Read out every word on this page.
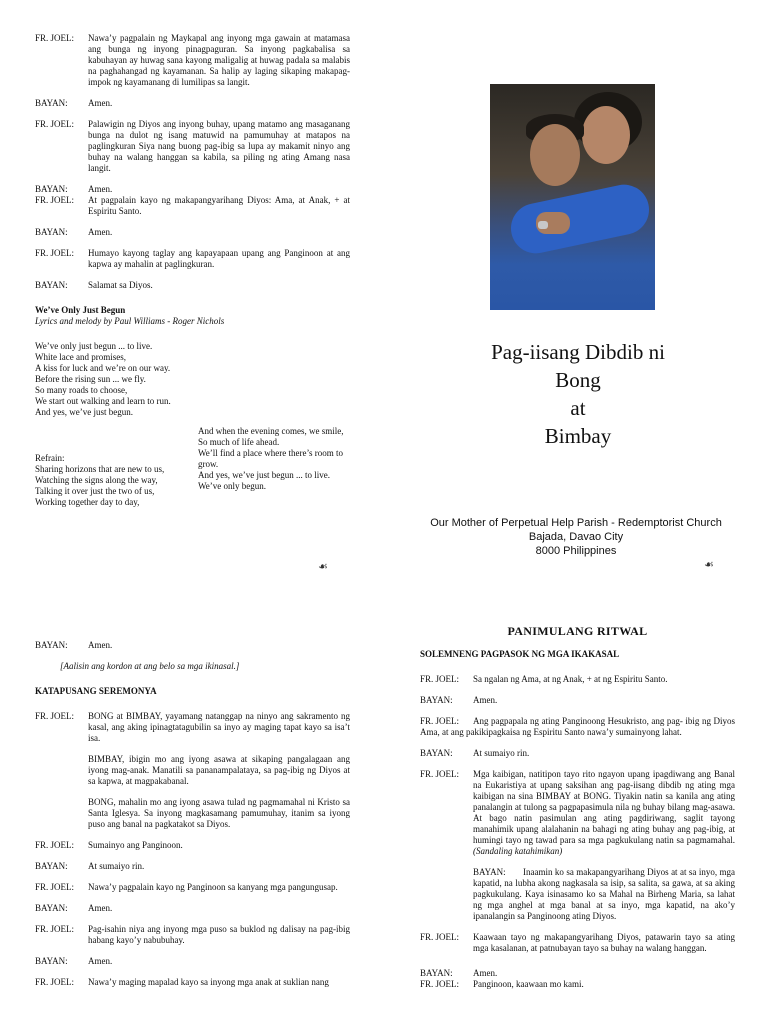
FR. JOEL:	Nawa’y pagpalain ng Maykapal ang inyong mga gawain at matamasa ang bunga ng inyong pinagpaguran. Sa inyong pagkabalisa sa kabuhayan ay huwag sana kayong maligalig at huwag padala sa malabis na paghahangad ng kayamanan. Sa halip ay laging sikaping makapag-impok ng kayamanang di lumilipas sa langit.
BAYAN:	Amen.
FR. JOEL:	Palawigin ng Diyos ang inyong buhay, upang matamo ang masaganang bunga na dulot ng isang matuwid na pamumuhay at matapos na paglingkuran Siya nang buong pag-ibig sa lupa ay makamit ninyo ang buhay na walang hanggan sa kabila, sa piling ng ating Amang nasa langit.
BAYAN:	Amen.
FR. JOEL:	At pagpalain kayo ng makapangyarihang Diyos: Ama, at Anak, + at Espiritu Santo.
BAYAN:	Amen.
FR. JOEL:	Humayo kayong taglay ang kapayapaan upang ang Panginoon at ang kapwa ay mahalin at paglingkuran.
BAYAN:	Salamat sa Diyos.
We’ve Only Just Begun
Lyrics and melody by Paul Williams - Roger Nichols
We’ve only just begun ... to live.
White lace and promises,
A kiss for luck and we’re on our way.
Before the rising sun ... we fly.
So many roads to choose,
We start out walking and learn to run.
And yes, we’ve just begun.
Refrain:
Sharing horizons that are new to us,
Watching the signs along the way,
Talking it over just the two of us,
Working together day to day,
And when the evening comes, we smile,
So much of life ahead.
We’ll find a place where there’s room to grow.
And yes, we’ve just begun ... to live.
We’ve only begun.
☙
Pag-iisang Dibdib ni
Bong
at
Bimbay
Our Mother of Perpetual Help Parish - Redemptorist Church
Bajada, Davao City
8000 Philippines
☙
BAYAN:	Amen.
[Aalisin ang kordon at ang belo sa mga ikinasal.]
KATAPUSANG SEREMONYA
FR. JOEL:	BONG at BIMBAY, yayamang natanggap na ninyo ang sakramento ng kasal, ang aking ipinagtatagubilin sa inyo ay maging tapat kayo sa isa’t isa.

BIMBAY, ibigin mo ang iyong asawa at sikaping pangalagaan ang iyong mag-anak. Manatili sa pananampalataya, sa pag-ibig ng Diyos at sa kapwa, at magpakabanal.

BONG, mahalin mo ang iyong asawa tulad ng pagmamahal ni Kristo sa Santa Iglesya. Sa inyong magkasamang pamumuhay, itanim sa iyong puso ang banal na pagkatakot sa Diyos.

FR. JOEL:	Sumainyo ang Panginoon.
BAYAN:	At sumaiyo rin.
FR. JOEL:	Nawa’y pagpalain kayo ng Panginoon sa kanyang mga pangungusap.
BAYAN:	Amen.
FR. JOEL:	Pag-isahin niya ang inyong mga puso sa buklod ng dalisay na pag-ibig habang kayo’y nabubuhay.
BAYAN:	Amen.
FR. JOEL:	Nawa’y maging mapalad kayo sa inyong mga anak at suklian nang
PANIMULANG RITWAL
SOLEMNENG PAGPASOK NG MGA IKAKASAL
FR. JOEL:	Sa ngalan ng Ama, at ng Anak, + at ng Espiritu Santo.
BAYAN:	Amen.
FR. JOEL: Ang pagpapala ng ating Panginoong Hesukristo, ang pag- ibig ng Diyos Ama, at ang pakikipagkaisa ng Espiritu Santo nawa’y sumainyong lahat.
BAYAN:	At sumaiyo rin.
FR. JOEL:	Mga kaibigan, natitipon tayo rito ngayon upang ipagdiwang ang Banal na Eukaristiya at upang saksihan ang pag-iisang dibdib ng ating mga kaibigan na sina BIMBAY at BONG. Tiyakin natin sa kanila ang ating panalangin at tulong sa pagpapasimula nila ng buhay bilang mag-asawa. At bago natin pasimulan ang ating pagdiriwang, saglit tayong manahimik upang alalahanin na bahagi ng ating buhay ang pag-ibig, at humingi tayo ng tawad para sa mga pagkukulang natin sa pagmamahal. (Sandaling katahimikan)
BAYAN: Inaamin ko sa makapangyarihang Diyos at at sa inyo, mga kapatid, na lubha akong nagkasala sa isip, sa salita, sa gawa, at sa aking pagkukulang. Kaya isinasamo ko sa Mahal na Birheng Maria, sa lahat ng mga anghel at mga banal at sa inyo, mga kapatid, na ako’y ipanalangin sa Panginoong ating Diyos.
FR. JOEL:	Kaawaan tayo ng makapangyarihang Diyos, patawarin tayo sa ating mga kasalanan, at patnubayan tayo sa buhay na walang hanggan.
BAYAN:	Amen.
FR. JOEL:	Panginoon, kaawaan mo kami.
